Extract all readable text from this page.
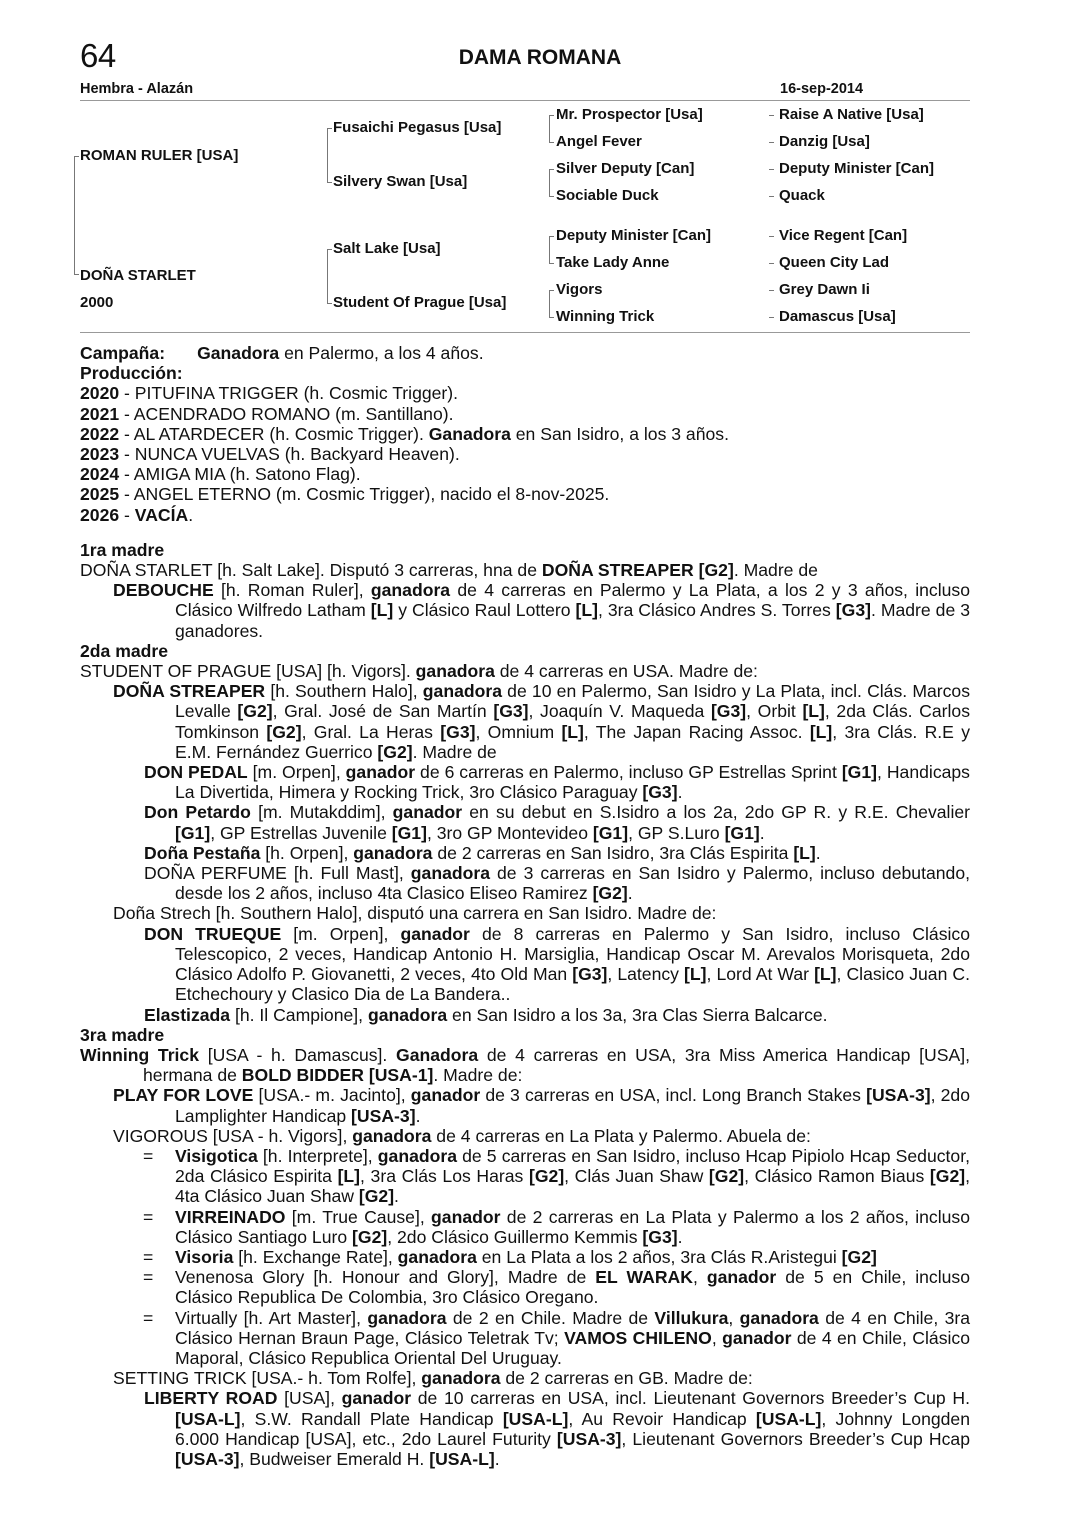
64	DAMA ROMANA
Hembra - Alazán	16-sep-2014
ROMAN RULER [USA]
DOÑA STARLET
2000
Fusaichi Pegasus [Usa]
Silvery Swan [Usa]
Salt Lake [Usa]
Student Of Prague [Usa]
Mr. Prospector [Usa]
Angel Fever
Silver Deputy [Can]
Sociable Duck
Deputy Minister [Can]
Take Lady Anne
Vigors
Winning Trick
Raise A Native [Usa]
Danzig [Usa]
Deputy Minister [Can]
Quack
Vice Regent [Can]
Queen City Lad
Grey Dawn Ii
Damascus [Usa]

Campaña: Ganadora en Palermo, a los 4 años.

Producción:

2020 - PITUFINA TRIGGER (h. Cosmic Trigger).

2021 - ACENDRADO ROMANO (m. Santillano).

2022 - AL ATARDECER (h. Cosmic Trigger). Ganadora en San Isidro, a los 3 años.

2023 - NUNCA VUELVAS (h. Backyard Heaven).

2024 - AMIGA MIA (h. Satono Flag).

2025 - ANGEL ETERNO (m. Cosmic Trigger), nacido el 8-nov-2025.

2026 - VACÍA.

1ra madre

DOÑA STARLET [h. Salt Lake]. Disputó 3 carreras, hna de DOÑA STREAPER [G2]. Madre de

DEBOUCHE [h. Roman Ruler], ganadora de 4 carreras en Palermo y La Plata, a los 2 y 3 años, incluso Clásico Wilfredo Latham [L] y Clásico Raul Lottero [L], 3ra Clásico Andres S. Torres [G3]. Madre de 3 ganadores.

2da madre

STUDENT OF PRAGUE [USA] [h. Vigors]. ganadora de 4 carreras en USA. Madre de:

DOÑA STREAPER [h. Southern Halo], ganadora de 10 en Palermo, San Isidro y La Plata, incl. Clás. Marcos Levalle [G2], Gral. José de San Martín [G3], Joaquín V. Maqueda [G3], Orbit [L], 2da Clás. Carlos Tomkinson [G2], Gral. La Heras [G3], Omnium [L], The Japan Racing Assoc. [L], 3ra Clás. R.E y E.M. Fernández Guerrico [G2]. Madre de

DON PEDAL [m. Orpen], ganador de 6 carreras en Palermo, incluso GP Estrellas Sprint [G1], Handicaps La Divertida, Himera y Rocking Trick, 3ro Clásico Paraguay [G3].

Don Petardo [m. Mutakddim], ganador en su debut en S.Isidro a los 2a, 2do GP R. y R.E. Chevalier [G1], GP Estrellas Juvenile [G1], 3ro GP Montevideo [G1], GP S.Luro [G1].

Doña Pestaña [h. Orpen], ganadora de 2 carreras en San Isidro, 3ra Clás Espirita [L].

DOÑA PERFUME [h. Full Mast], ganadora de 3 carreras en San Isidro y Palermo, incluso debutando, desde los 2 años, incluso 4ta Clasico Eliseo Ramirez [G2].

Doña Strech [h. Southern Halo], disputó una carrera en San Isidro. Madre de:

DON TRUEQUE [m. Orpen], ganador de 8 carreras en Palermo y San Isidro, incluso Clásico Telescopico, 2 veces, Handicap Antonio H. Marsiglia, Handicap Oscar M. Arevalos Morisqueta, 2do Clásico Adolfo P. Giovanetti, 2 veces, 4to Old Man [G3], Latency [L], Lord At War [L], Clasico Juan C. Etchechoury y Clasico Dia de La Bandera..

Elastizada [h. Il Campione], ganadora en San Isidro a los 3a, 3ra Clas Sierra Balcarce.

3ra madre

Winning Trick [USA - h. Damascus]. Ganadora de 4 carreras en USA, 3ra Miss America Handicap [USA], hermana de BOLD BIDDER [USA-1]. Madre de:

PLAY FOR LOVE [USA.- m. Jacinto], ganador de 3 carreras en USA, incl. Long Branch Stakes [USA-3], 2do Lamplighter Handicap [USA-3].

VIGOROUS [USA - h. Vigors], ganadora de 4 carreras en La Plata y Palermo. Abuela de:

= Visigotica [h. Interprete], ganadora de 5 carreras en San Isidro, incluso Hcap Pipiolo Hcap Seductor, 2da Clásico Espirita [L], 3ra Clás Los Haras [G2], Clás Juan Shaw [G2], Clásico Ramon Biaus [G2], 4ta Clásico Juan Shaw [G2].

= VIRREINADO [m. True Cause], ganador de 2 carreras en La Plata y Palermo a los 2 años, incluso Clásico Santiago Luro [G2], 2do Clásico Guillermo Kemmis [G3].

= Visoria [h. Exchange Rate], ganadora en La Plata a los 2 años, 3ra Clás R.Aristegui [G2]

= Venenosa Glory [h. Honour and Glory], Madre de EL WARAK, ganador de 5 en Chile, incluso Clásico Republica De Colombia, 3ro Clásico Oregano.

= Virtually [h. Art Master], ganadora de 2 en Chile. Madre de Villukura, ganadora de 4 en Chile, 3ra Clásico Hernan Braun Page, Clásico Teletrak Tv; VAMOS CHILENO, ganador de 4 en Chile, Clásico Maporal, Clásico Republica Oriental Del Uruguay.

SETTING TRICK [USA.- h. Tom Rolfe], ganadora de 2 carreras en GB. Madre de:

LIBERTY ROAD [USA], ganador de 10 carreras en USA, incl. Lieutenant Governors Breeder’s Cup H. [USA-L], S.W. Randall Plate Handicap [USA-L], Au Revoir Handicap [USA-L], Johnny Longden 6.000 Handicap [USA], etc., 2do Laurel Futurity [USA-3], Lieutenant Governors Breeder’s Cup Hcap [USA-3], Budweiser Emerald H. [USA-L].
